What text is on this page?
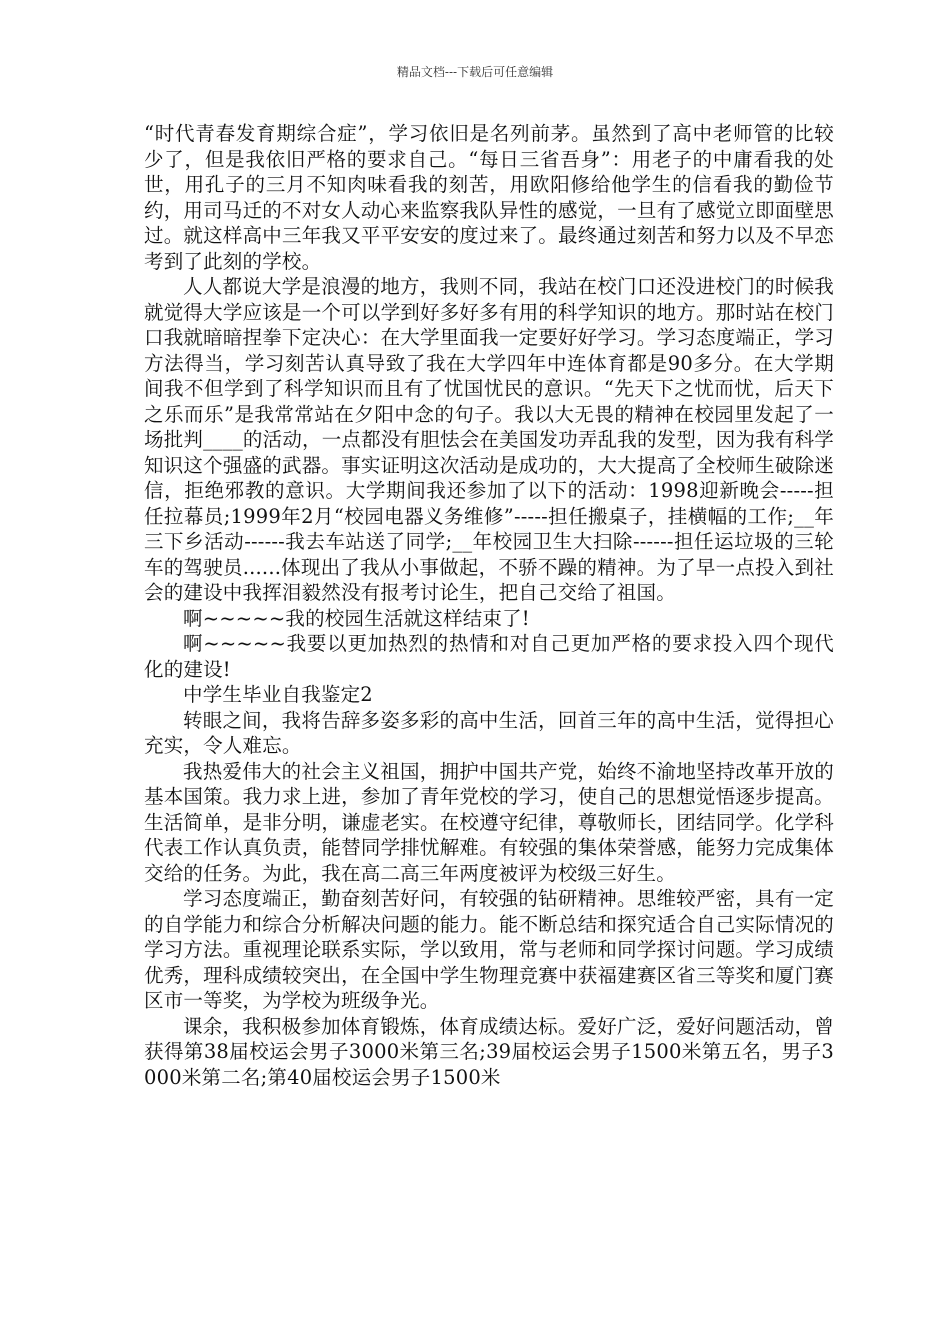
精品文档---下载后可任意编辑

“时代青春发育期综合症”，学习依旧是名列前茅。虽然到了高中老师管的比较少了，但是我依旧严格的要求自己。“每日三省吾身”：用老子的中庸看我的处世，用孔子的三月不知肉味看我的刻苦，用欧阳修给他学生的信看我的勤俭节约，用司马迁的不对女人动心来监察我队异性的感觉，一旦有了感觉立即面壁思过。就这样高中三年我又平平安安的度过来了。最终通过刻苦和努力以及不早恋考到了此刻的学校。

人人都说大学是浪漫的地方，我则不同，我站在校门口还没进校门的时候我就觉得大学应该是一个可以学到好多好多有用的科学知识的地方。那时站在校门口我就暗暗捏拳下定决心：在大学里面我一定要好好学习。学习态度端正，学习方法得当，学习刻苦认真导致了我在大学四年中连体育都是90多分。在大学期间我不但学到了科学知识而且有了忧国忧民的意识。“先天下之忧而忧，后天下之乐而乐”是我常常站在夕阳中念的句子。我以大无畏的精神在校园里发起了一场批判____的活动，一点都没有胆怯会在美国发功弄乱我的发型，因为我有科学知识这个强盛的武器。事实证明这次活动是成功的，大大提高了全校师生破除迷信，拒绝邪教的意识。大学期间我还参加了以下的活动：1998迎新晚会-----担任拉幕员;1999年2月“校园电器义务维修”-----担任搬桌子，挂横幅的工作;__年三下乡活动------我去车站送了同学;__年校园卫生大扫除------担任运垃圾的三轮车的驾驶员......体现出了我从小事做起，不骄不躁的精神。为了早一点投入到社会的建设中我挥泪毅然没有报考讨论生，把自己交给了祖国。

啊~~~~~我的校园生活就这样结束了!

啊~~~~~我要以更加热烈的热情和对自己更加严格的要求投入四个现代化的建设!

中学生毕业自我鉴定2

转眼之间，我将告辞多姿多彩的高中生活，回首三年的高中生活，觉得担心充实，令人难忘。

我热爱伟大的社会主义祖国，拥护中国共产党，始终不渝地坚持改革开放的基本国策。我力求上进，参加了青年党校的学习，使自己的思想觉悟逐步提高。生活简单，是非分明，谦虚老实。在校遵守纪律，尊敬师长，团结同学。化学科代表工作认真负责，能替同学排忧解难。有较强的集体荣誉感，能努力完成集体交给的任务。为此，我在高二高三年两度被评为校级三好生。

学习态度端正，勤奋刻苦好问，有较强的钻研精神。思维较严密，具有一定的自学能力和综合分析解决问题的能力。能不断总结和探究适合自己实际情况的学习方法。重视理论联系实际，学以致用，常与老师和同学探讨问题。学习成绩优秀，理科成绩较突出，在全国中学生物理竞赛中获福建赛区省三等奖和厦门赛区市一等奖，为学校为班级争光。

课余，我积极参加体育锻炼，体育成绩达标。爱好广泛，爱好问题活动，曾获得第38届校运会男子3000米第三名;39届校运会男子1500米第五名，男子3000米第二名;第40届校运会男子1500米
